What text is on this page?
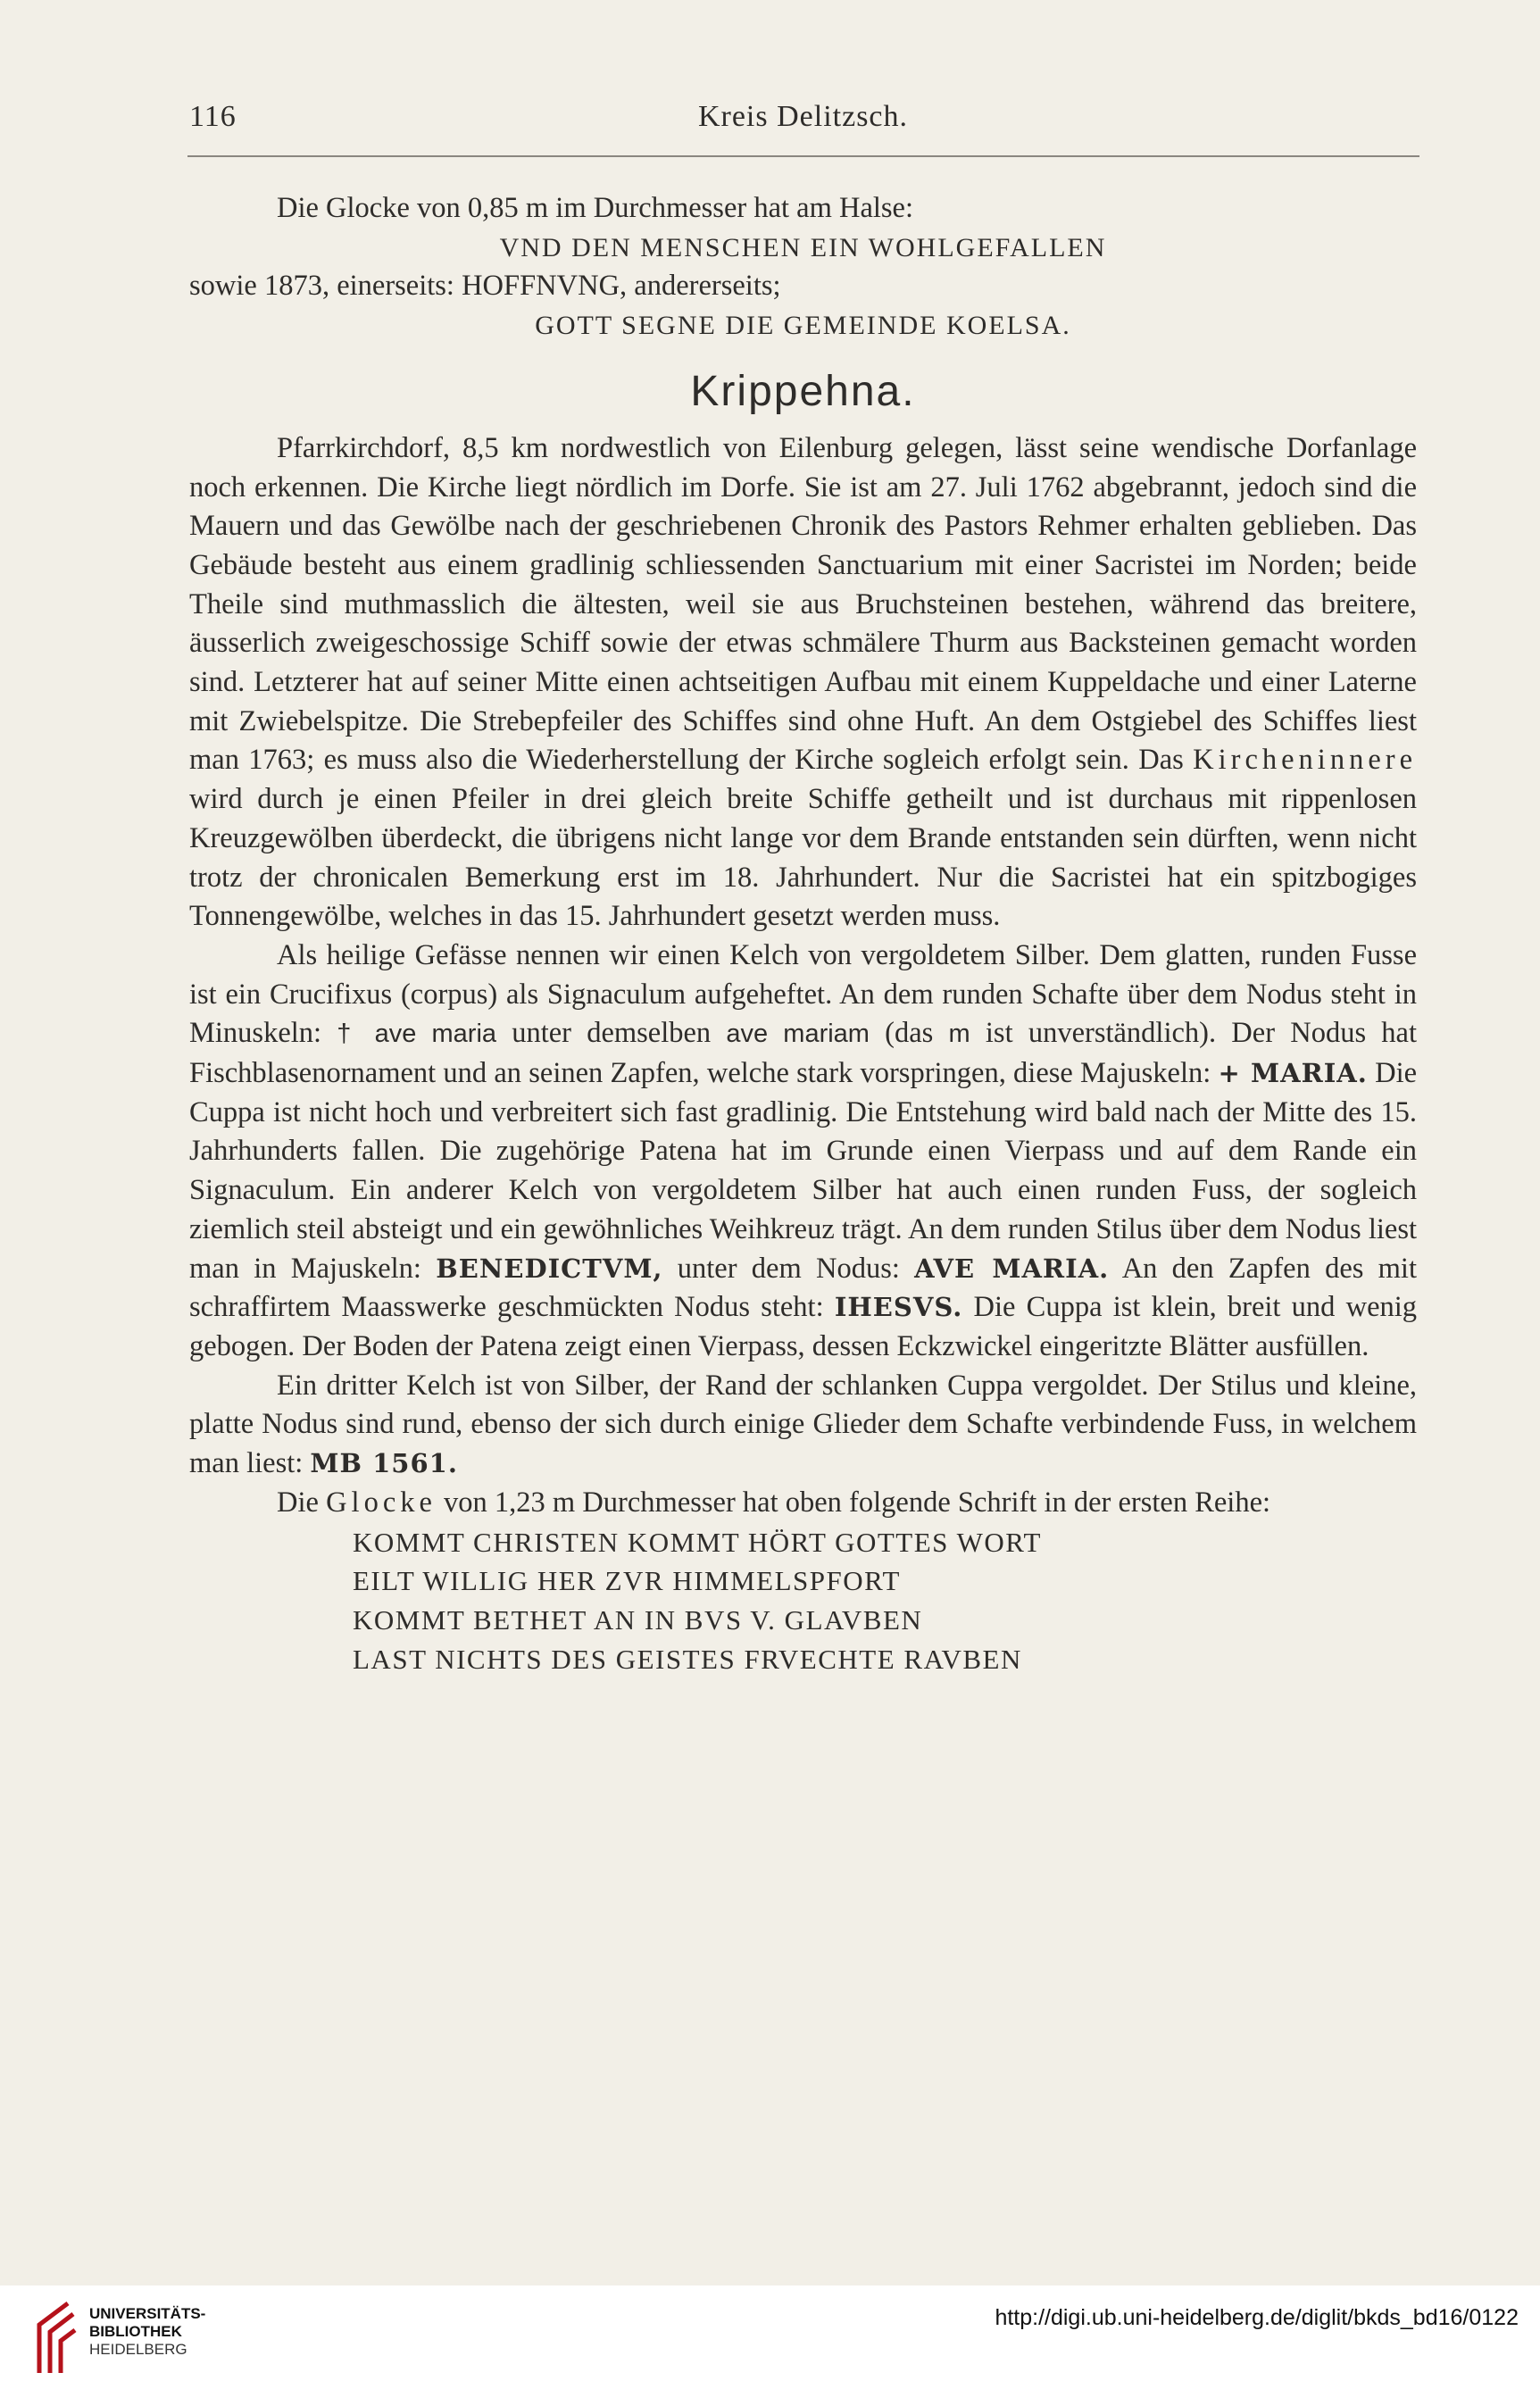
116	Kreis Delitzsch.

Die Glocke von 0,85 m im Durchmesser hat am Halse:

VND DEN MENSCHEN EIN WOHLGEFALLEN

sowie 1873, einerseits: HOFFNVNG, andererseits;

GOTT SEGNE DIE GEMEINDE KOELSA.
Krippehna.

Pfarrkirchdorf, 8,5 km nordwestlich von Eilenburg gelegen, lässt seine wendische Dorfanlage noch erkennen. Die Kirche liegt nördlich im Dorfe. Sie ist am 27. Juli 1762 abgebrannt, jedoch sind die Mauern und das Gewölbe nach der geschriebenen Chronik des Pastors Rehmer erhalten geblieben. Das Gebäude besteht aus einem gradlinig schliessenden Sanctuarium mit einer Sacristei im Norden; beide Theile sind muthmasslich die ältesten, weil sie aus Bruchsteinen bestehen, während das breitere, äusserlich zweigeschossige Schiff sowie der etwas schmälere Thurm aus Backsteinen gemacht worden sind. Letzterer hat auf seiner Mitte einen achtseitigen Aufbau mit einem Kuppeldache und einer Laterne mit Zwiebelspitze. Die Strebepfeiler des Schiffes sind ohne Huft. An dem Ostgiebel des Schiffes liest man 1763; es muss also die Wiederherstellung der Kirche sogleich erfolgt sein. Das Kircheninnere wird durch je einen Pfeiler in drei gleich breite Schiffe getheilt und ist durchaus mit rippenlosen Kreuzgewölben überdeckt, die übrigens nicht lange vor dem Brande entstanden sein dürften, wenn nicht trotz der chronicalen Bemerkung erst im 18. Jahrhundert. Nur die Sacristei hat ein spitzbogiges Tonnengewölbe, welches in das 15. Jahrhundert gesetzt werden muss.

Als heilige Gefässe nennen wir einen Kelch von vergoldetem Silber. Dem glatten, runden Fusse ist ein Crucifixus (corpus) als Signaculum aufgeheftet. An dem runden Schafte über dem Nodus steht in Minuskeln: † ave maria unter demselben ave mariam (das m ist unverständlich). Der Nodus hat Fischblasenornament und an seinen Zapfen, welche stark vorspringen, diese Majuskeln: + MARIA. Die Cuppa ist nicht hoch und verbreitert sich fast gradlinig. Die Entstehung wird bald nach der Mitte des 15. Jahrhunderts fallen. Die zugehörige Patena hat im Grunde einen Vierpass und auf dem Rande ein Signaculum. Ein anderer Kelch von vergoldetem Silber hat auch einen runden Fuss, der sogleich ziemlich steil absteigt und ein gewöhnliches Weihkreuz trägt. An dem runden Stilus über dem Nodus liest man in Majuskeln: BENEDICTVM, unter dem Nodus: AVE MARIA. An den Zapfen des mit schraffirtem Maasswerke geschmückten Nodus steht: IHESVS. Die Cuppa ist klein, breit und wenig gebogen. Der Boden der Patena zeigt einen Vierpass, dessen Eckzwickel eingeritzte Blätter ausfüllen.

Ein dritter Kelch ist von Silber, der Rand der schlanken Cuppa vergoldet. Der Stilus und kleine, platte Nodus sind rund, ebenso der sich durch einige Glieder dem Schafte verbindende Fuss, in welchem man liest: MB 1561.

Die Glocke von 1,23 m Durchmesser hat oben folgende Schrift in der ersten Reihe:

KOMMT CHRISTEN KOMMT HÖRT GOTTES WORT
EILT WILLIG HER ZVR HIMMELSPFORT
KOMMT BETHET AN IN BVS V. GLAVBEN
LAST NICHTS DES GEISTES FRVECHTE RAVBEN
UNIVERSITÄTS-
BIBLIOTHEK
HEIDELBERG
http://digi.ub.uni-heidelberg.de/diglit/bkds_bd16/0122
